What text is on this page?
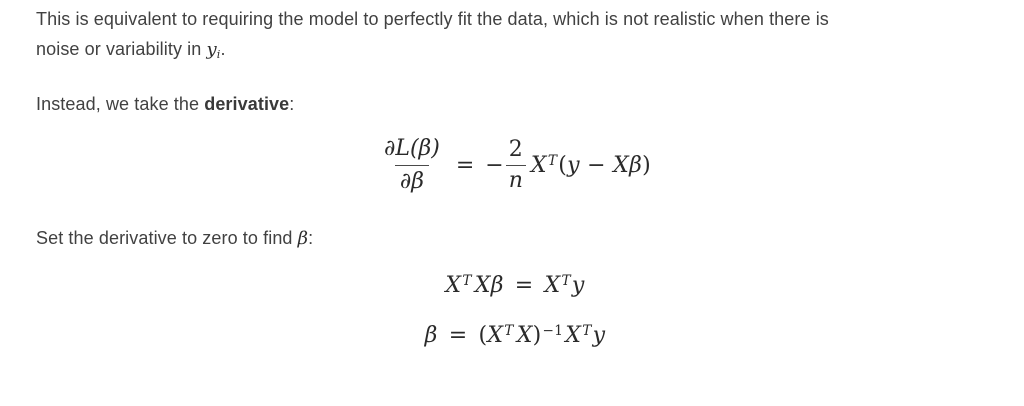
This is equivalent to requiring the model to perfectly fit the data, which is not realistic when there is
noise or variability in $y_i$.

Instead, we take the derivative:

$\frac{\partial L(\beta)}{\partial\beta}$ = − $\frac{2}{n} X^T(y - X\beta)$

Set the derivative to zero to find β:

$X^T$ $X\beta = X^Ty$
$\beta = (X^T$ $X)^{-1}X^Ty$
